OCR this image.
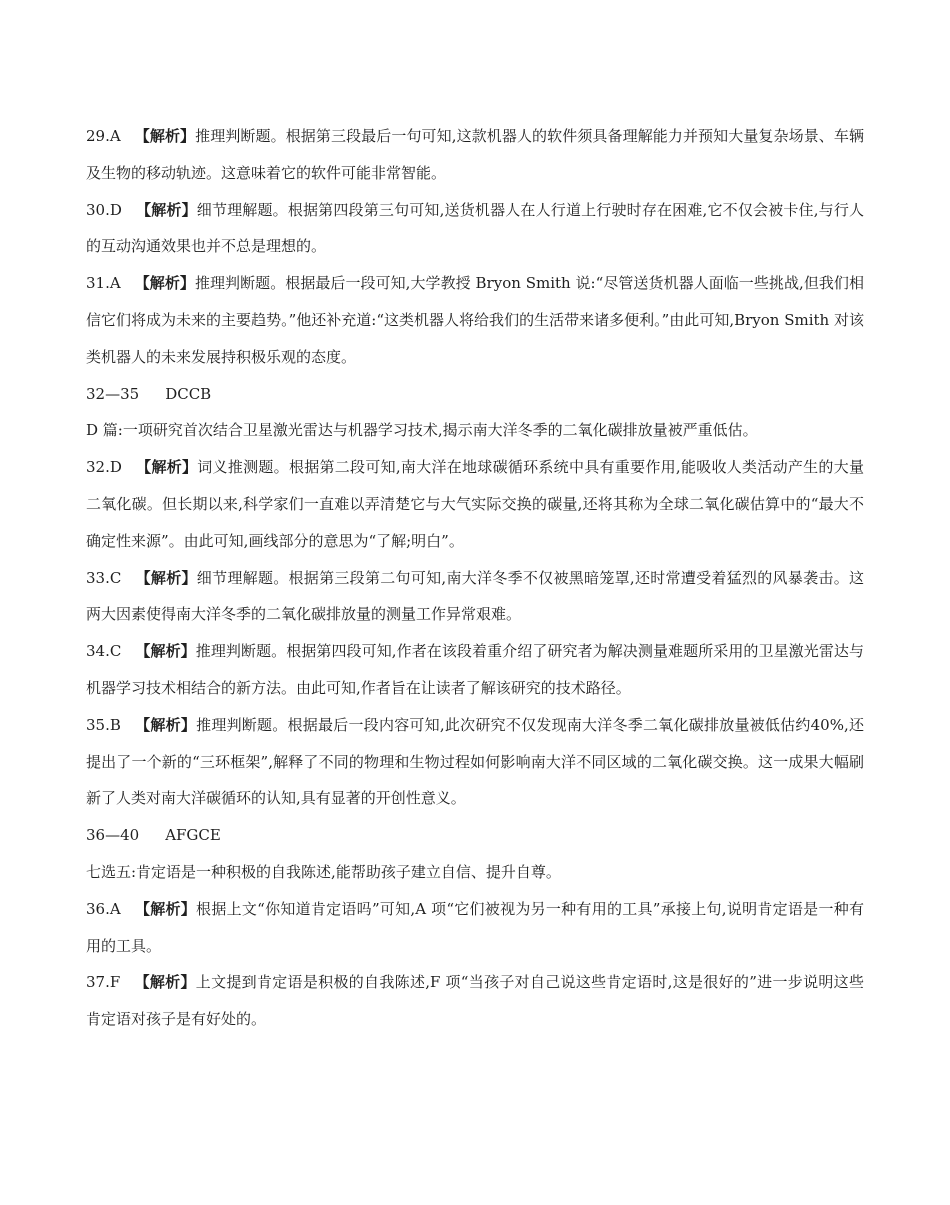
29.A 【解析】推理判断题。根据第三段最后一句可知,这款机器人的软件须具备理解能力并预知大量复杂场景、车辆及生物的移动轨迹。这意味着它的软件可能非常智能。

30.D 【解析】细节理解题。根据第四段第三句可知,送货机器人在人行道上行驶时存在困难,它不仅会被卡住,与行人的互动沟通效果也并不总是理想的。

31.A 【解析】推理判断题。根据最后一段可知,大学教授 Bryon Smith 说:“尽管送货机器人面临一些挑战,但我们相信它们将成为未来的主要趋势。”他还补充道:“这类机器人将给我们的生活带来诸多便利。”由此可知,Bryon Smith 对该类机器人的未来发展持积极乐观的态度。

32—35 DCCB

D 篇:一项研究首次结合卫星激光雷达与机器学习技术,揭示南大洋冬季的二氧化碳排放量被严重低估。

32.D 【解析】词义推测题。根据第二段可知,南大洋在地球碳循环系统中具有重要作用,能吸收人类活动产生的大量二氧化碳。但长期以来,科学家们一直难以弄清楚它与大气实际交换的碳量,还将其称为全球二氧化碳估算中的“最大不确定性来源”。由此可知,画线部分的意思为“了解;明白”。

33.C 【解析】细节理解题。根据第三段第二句可知,南大洋冬季不仅被黑暗笼罩,还时常遭受着猛烈的风暴袭击。这两大因素使得南大洋冬季的二氧化碳排放量的测量工作异常艰难。

34.C 【解析】推理判断题。根据第四段可知,作者在该段着重介绍了研究者为解决测量难题所采用的卫星激光雷达与机器学习技术相结合的新方法。由此可知,作者旨在让读者了解该研究的技术路径。

35.B 【解析】推理判断题。根据最后一段内容可知,此次研究不仅发现南大洋冬季二氧化碳排放量被低估约40%,还提出了一个新的“三环框架”,解释了不同的物理和生物过程如何影响南大洋不同区域的二氧化碳交换。这一成果大幅刷新了人类对南大洋碳循环的认知,具有显著的开创性意义。

36—40 AFGCE

七选五:肯定语是一种积极的自我陈述,能帮助孩子建立自信、提升自尊。

36.A 【解析】根据上文“你知道肯定语吗”可知,A 项“它们被视为另一种有用的工具”承接上句,说明肯定语是一种有用的工具。

37.F 【解析】上文提到肯定语是积极的自我陈述,F 项“当孩子对自己说这些肯定语时,这是很好的”进一步说明这些肯定语对孩子是有好处的。
